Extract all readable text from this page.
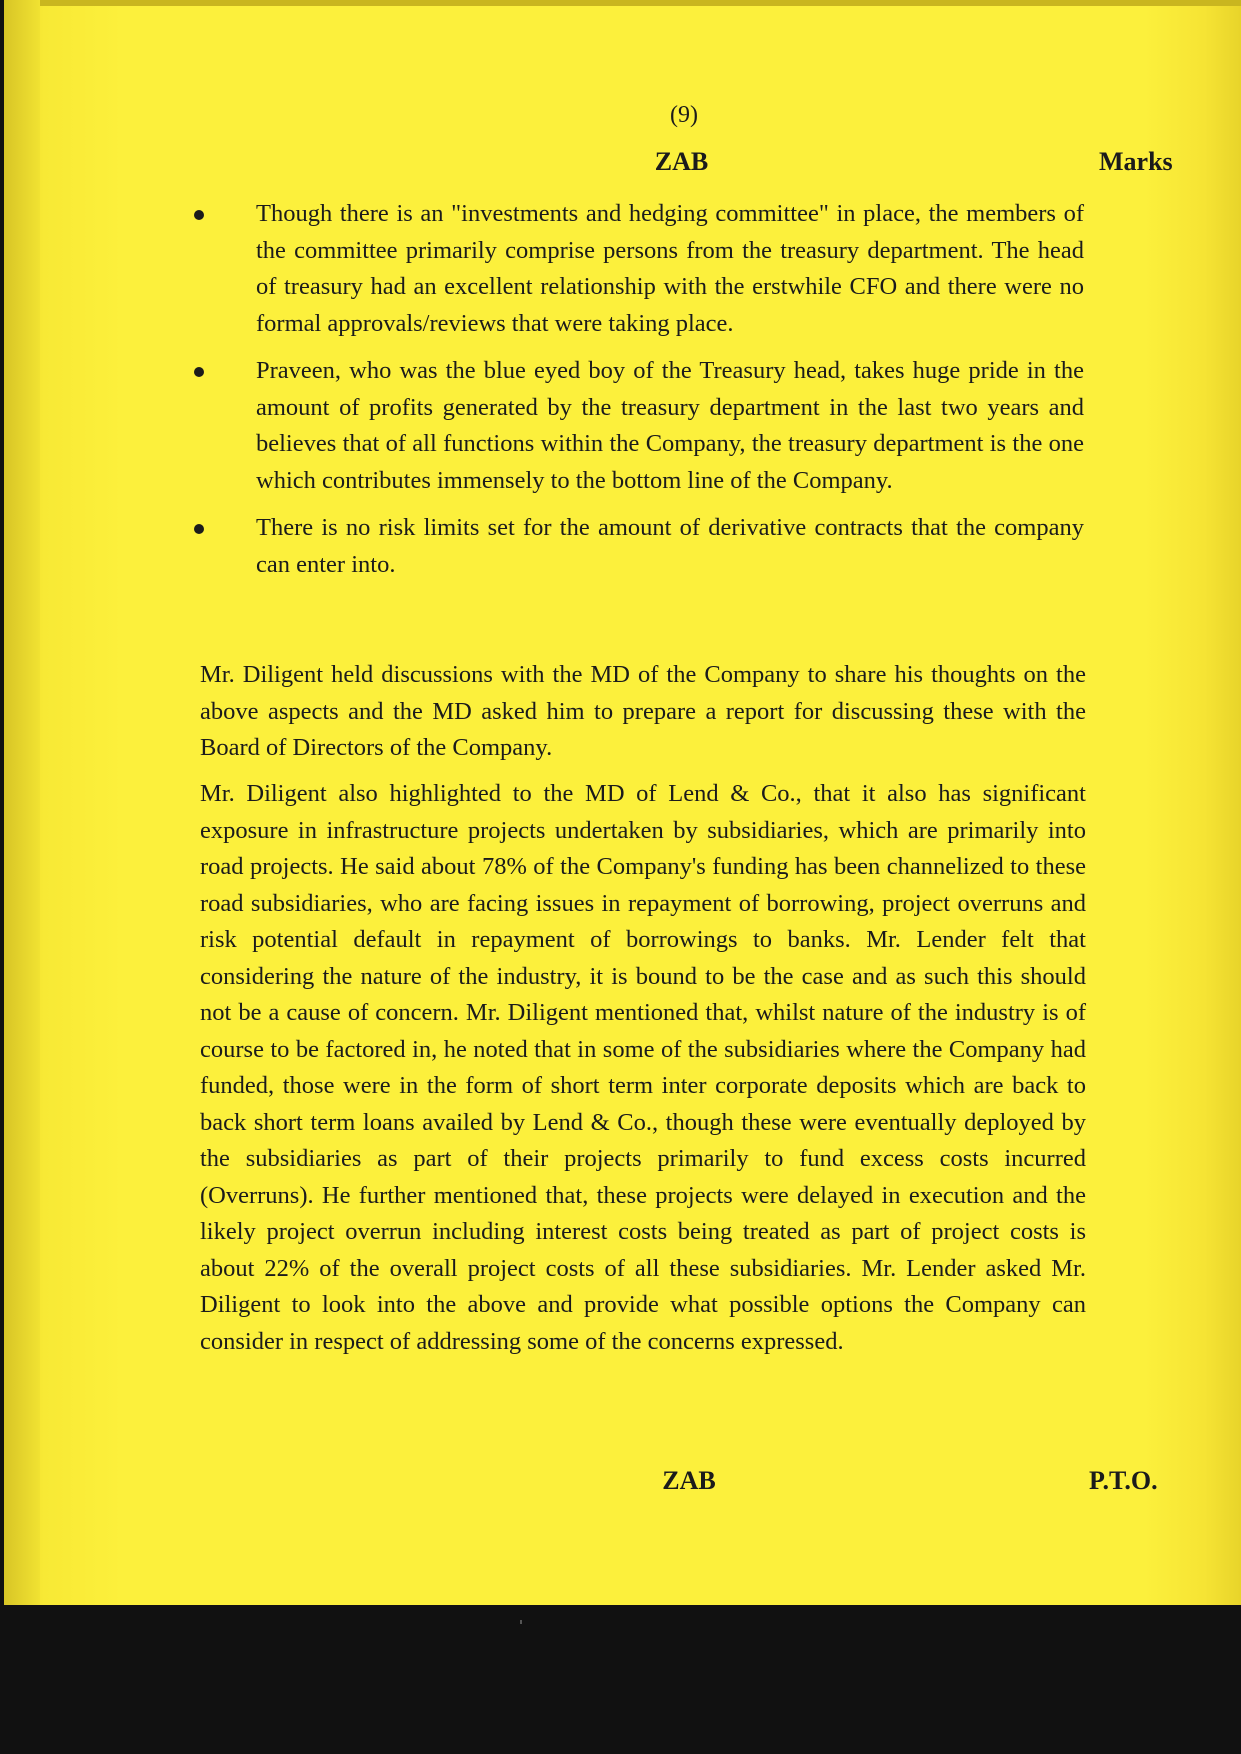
(9)
ZAB	Marks
Though there is an "investments and hedging committee" in place, the members of the committee primarily comprise persons from the treasury department. The head of treasury had an excellent relationship with the erstwhile CFO and there were no formal approvals/reviews that were taking place.
Praveen, who was the blue eyed boy of the Treasury head, takes huge pride in the amount of profits generated by the treasury department in the last two years and believes that of all functions within the Company, the treasury department is the one which contributes immensely to the bottom line of the Company.
There is no risk limits set for the amount of derivative contracts that the company can enter into.

Mr. Diligent held discussions with the MD of the Company to share his thoughts on the above aspects and the MD asked him to prepare a report for discussing these with the Board of Directors of the Company.

Mr. Diligent also highlighted to the MD of Lend & Co., that it also has significant exposure in infrastructure projects undertaken by subsidiaries, which are primarily into road projects. He said about 78% of the Company's funding has been channelized to these road subsidiaries, who are facing issues in repayment of borrowing, project overruns and risk potential default in repayment of borrowings to banks. Mr. Lender felt that considering the nature of the industry, it is bound to be the case and as such this should not be a cause of concern. Mr. Diligent mentioned that, whilst nature of the industry is of course to be factored in, he noted that in some of the subsidiaries where the Company had funded, those were in the form of short term inter corporate deposits which are back to back short term loans availed by Lend & Co., though these were eventually deployed by the subsidiaries as part of their projects primarily to fund excess costs incurred (Overruns). He further mentioned that, these projects were delayed in execution and the likely project overrun including interest costs being treated as part of project costs is about 22% of the overall project costs of all these subsidiaries. Mr. Lender asked Mr. Diligent to look into the above and provide what possible options the Company can consider in respect of addressing some of the concerns expressed.

ZAB	P.T.O.
